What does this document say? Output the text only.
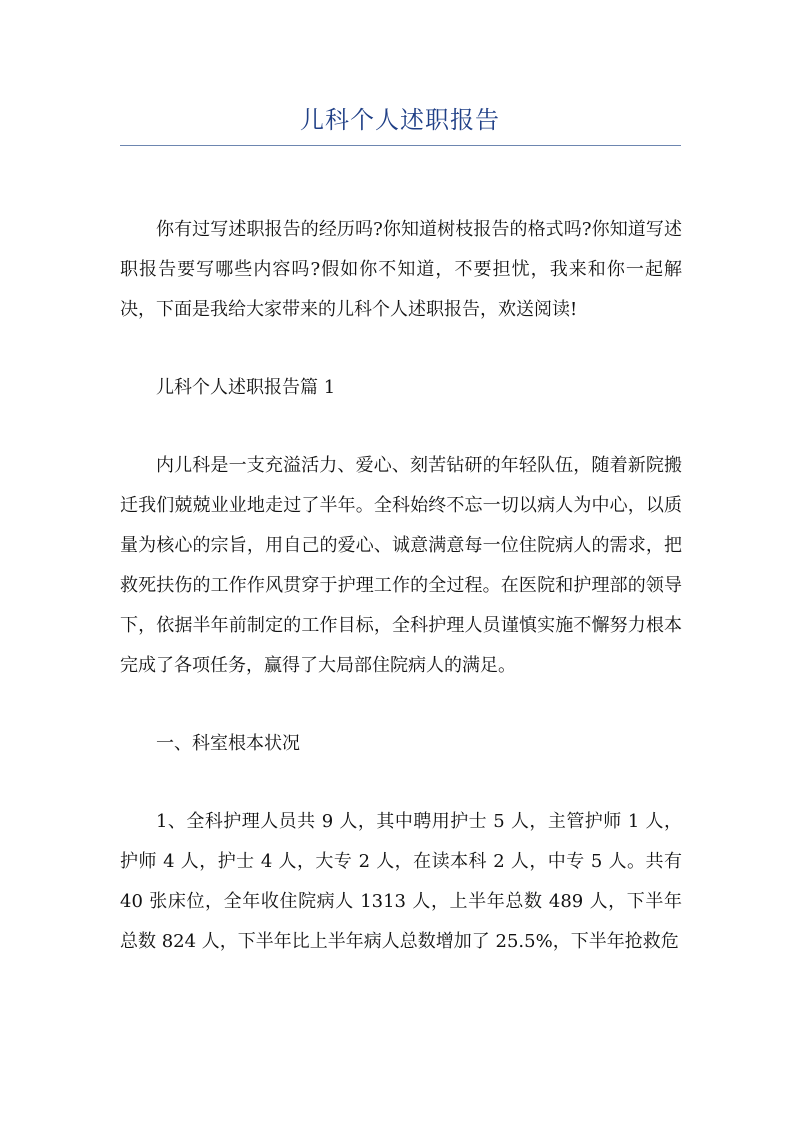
儿科个人述职报告

你有过写述职报告的经历吗?你知道树枝报告的格式吗?你知道写述职报告要写哪些内容吗?假如你不知道，不要担忧，我来和你一起解决，下面是我给大家带来的儿科个人述职报告，欢送阅读!

儿科个人述职报告篇 1

内儿科是一支充溢活力、爱心、刻苦钻研的年轻队伍，随着新院搬迁我们兢兢业业地走过了半年。全科始终不忘一切以病人为中心，以质量为核心的宗旨，用自己的爱心、诚意满意每一位住院病人的需求，把救死扶伤的工作作风贯穿于护理工作的全过程。在医院和护理部的领导下，依据半年前制定的工作目标，全科护理人员谨慎实施不懈努力根本完成了各项任务，赢得了大局部住院病人的满足。

一、科室根本状况

1、全科护理人员共 9 人，其中聘用护士 5 人，主管护师 1 人，护师 4 人，护士 4 人，大专 2 人，在读本科 2 人，中专 5 人。共有 40 张床位，全年收住院病人 1313 人，上半年总数 489 人，下半年总数 824 人，下半年比上半年病人总数增加了 25.5%，下半年抢救危
